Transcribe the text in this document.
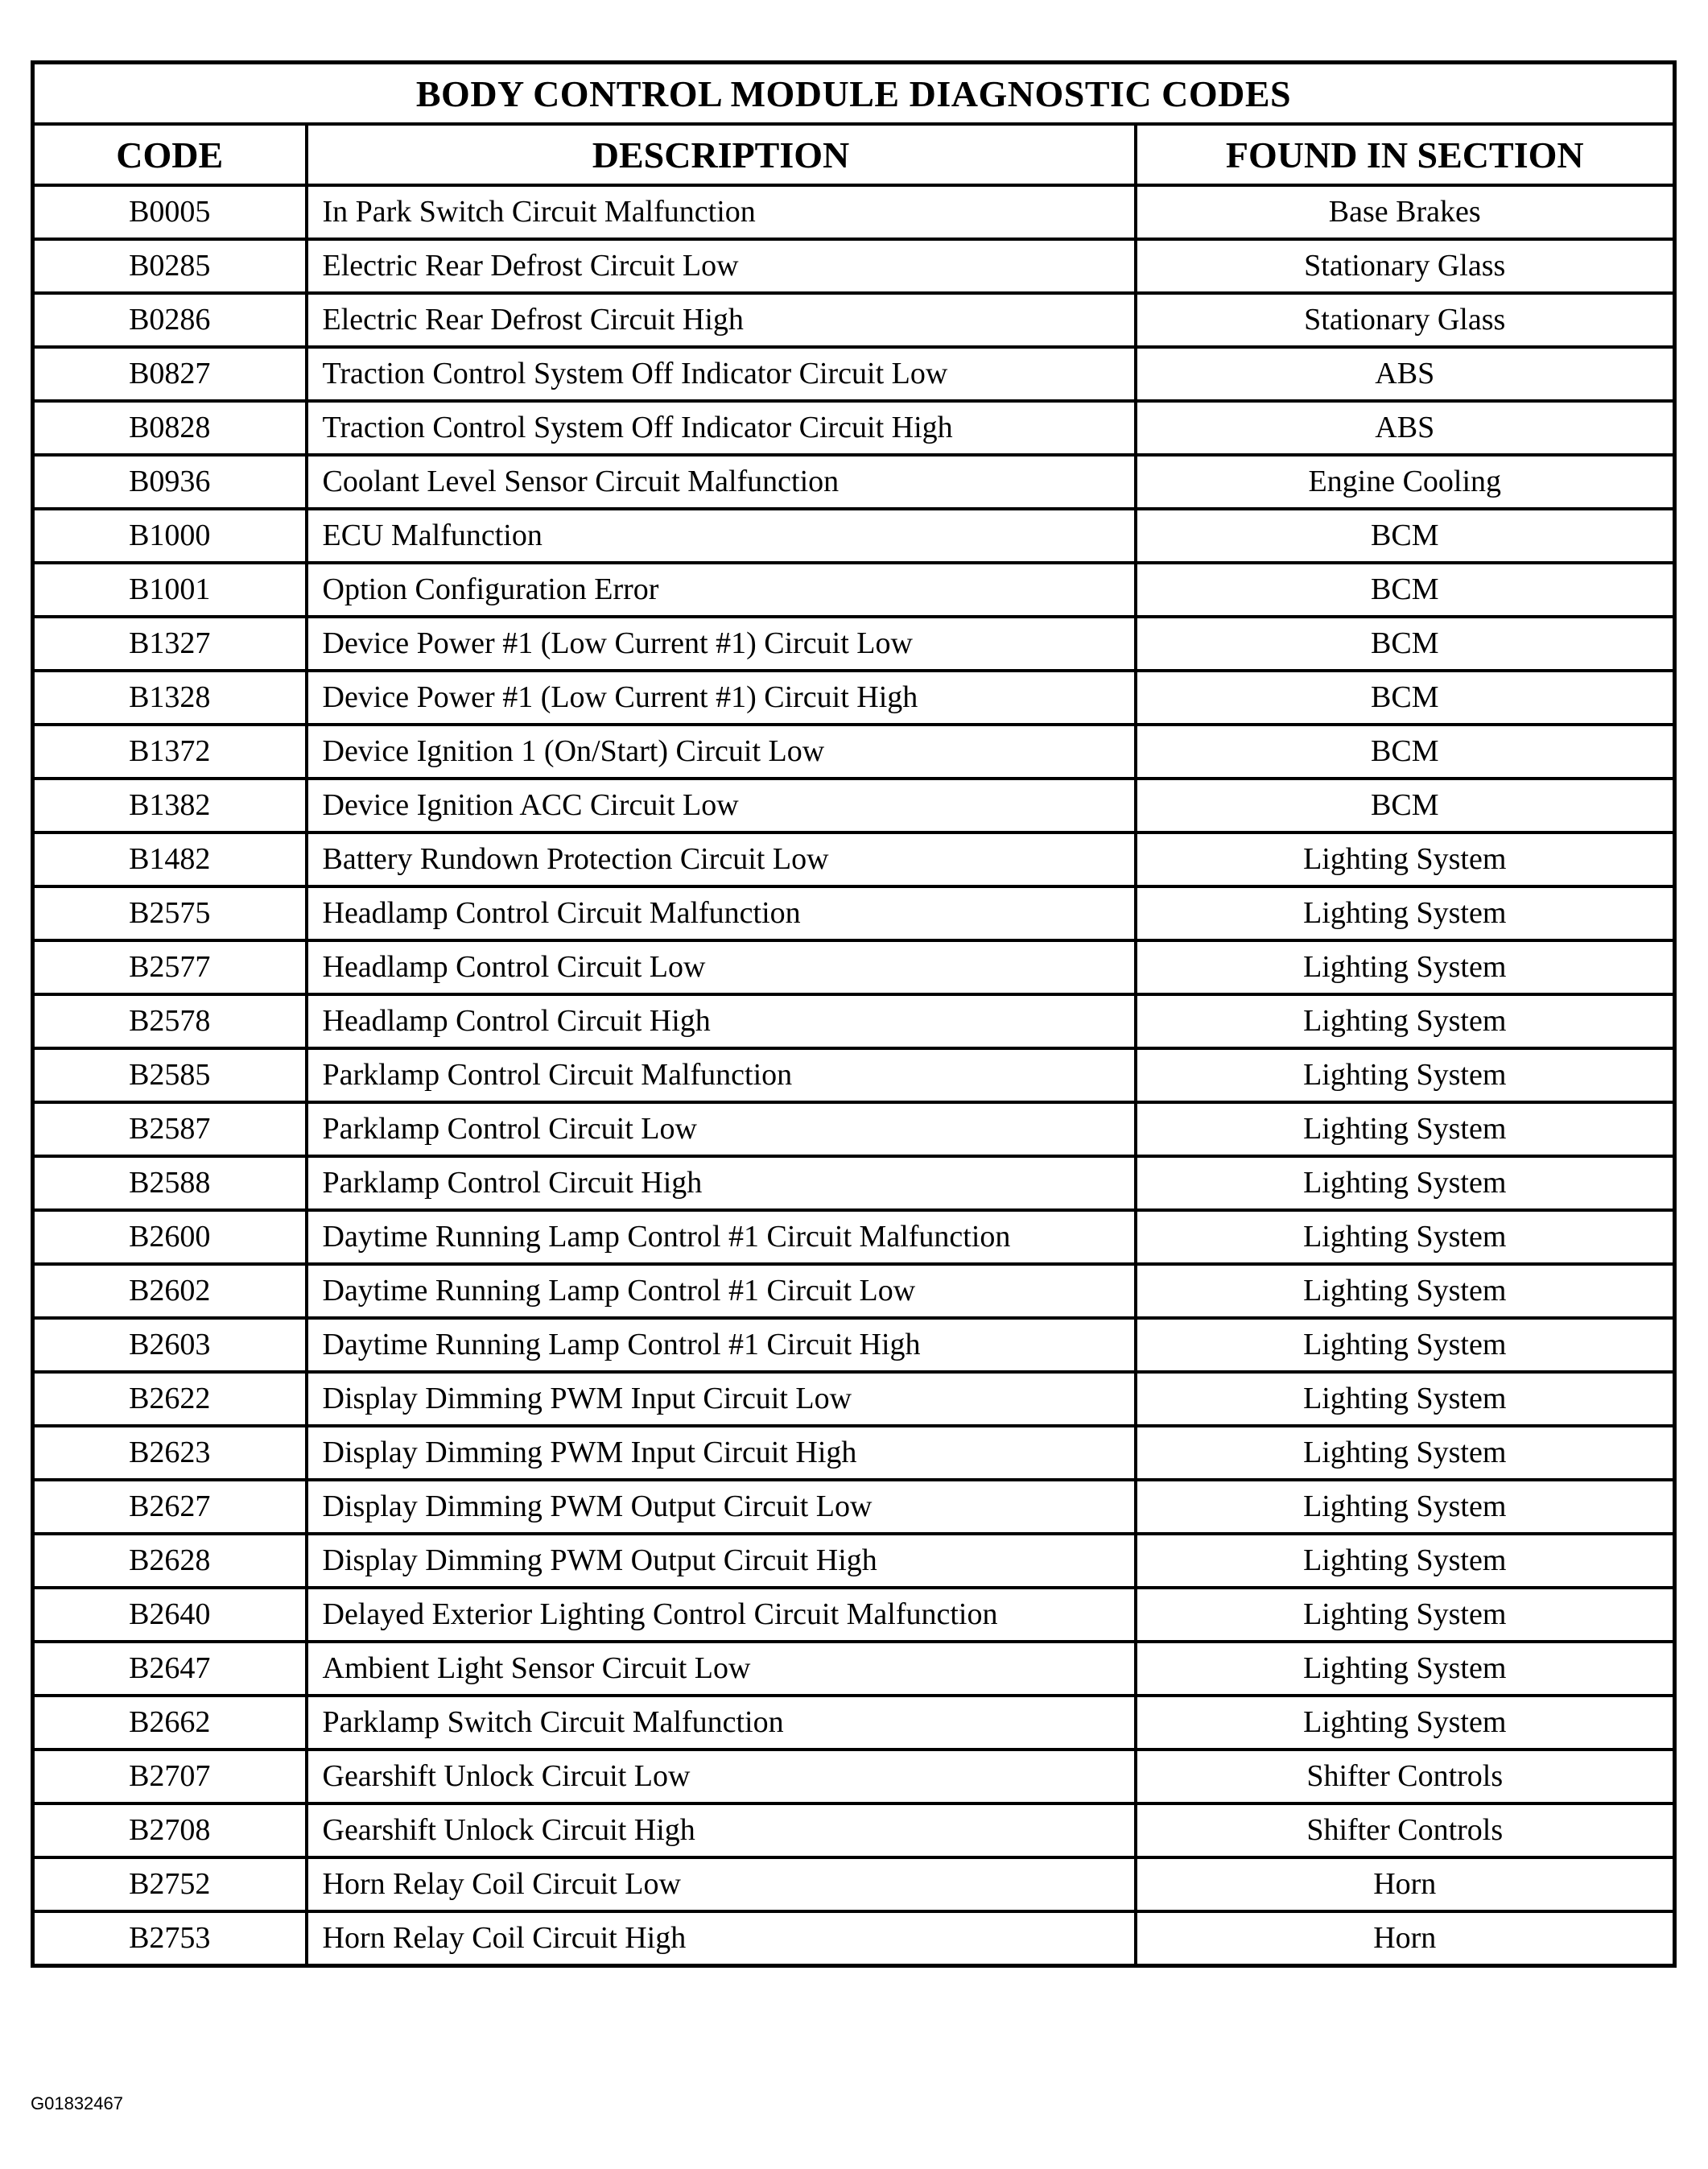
BODY CONTROL MODULE DIAGNOSTIC CODES		
CODE	DESCRIPTION	FOUND IN SECTION
B0005	In Park Switch Circuit Malfunction	Base Brakes
B0285	Electric Rear Defrost Circuit Low	Stationary Glass
B0286	Electric Rear Defrost Circuit High	Stationary Glass
B0827	Traction Control System Off Indicator Circuit Low	ABS
B0828	Traction Control System Off Indicator Circuit High	ABS
B0936	Coolant Level Sensor Circuit Malfunction	Engine Cooling
B1000	ECU Malfunction	BCM
B1001	Option Configuration Error	BCM
B1327	Device Power #1 (Low Current #1) Circuit Low	BCM
B1328	Device Power #1 (Low Current #1) Circuit High	BCM
B1372	Device Ignition 1 (On/Start) Circuit Low	BCM
B1382	Device Ignition ACC Circuit Low	BCM
B1482	Battery Rundown Protection Circuit Low	Lighting System
B2575	Headlamp Control Circuit Malfunction	Lighting System
B2577	Headlamp Control Circuit Low	Lighting System
B2578	Headlamp Control Circuit High	Lighting System
B2585	Parklamp Control Circuit Malfunction	Lighting System
B2587	Parklamp Control Circuit Low	Lighting System
B2588	Parklamp Control Circuit High	Lighting System
B2600	Daytime Running Lamp Control #1 Circuit Malfunction	Lighting System
B2602	Daytime Running Lamp Control #1 Circuit Low	Lighting System
B2603	Daytime Running Lamp Control #1 Circuit High	Lighting System
B2622	Display Dimming PWM Input Circuit Low	Lighting System
B2623	Display Dimming PWM Input Circuit High	Lighting System
B2627	Display Dimming PWM Output Circuit Low	Lighting System
B2628	Display Dimming PWM Output Circuit High	Lighting System
B2640	Delayed Exterior Lighting Control Circuit Malfunction	Lighting System
B2647	Ambient Light Sensor Circuit Low	Lighting System
B2662	Parklamp Switch Circuit Malfunction	Lighting System
B2707	Gearshift Unlock Circuit Low	Shifter Controls
B2708	Gearshift Unlock Circuit High	Shifter Controls
B2752	Horn Relay Coil Circuit Low	Horn
B2753	Horn Relay Coil Circuit High	Horn
G01832467
